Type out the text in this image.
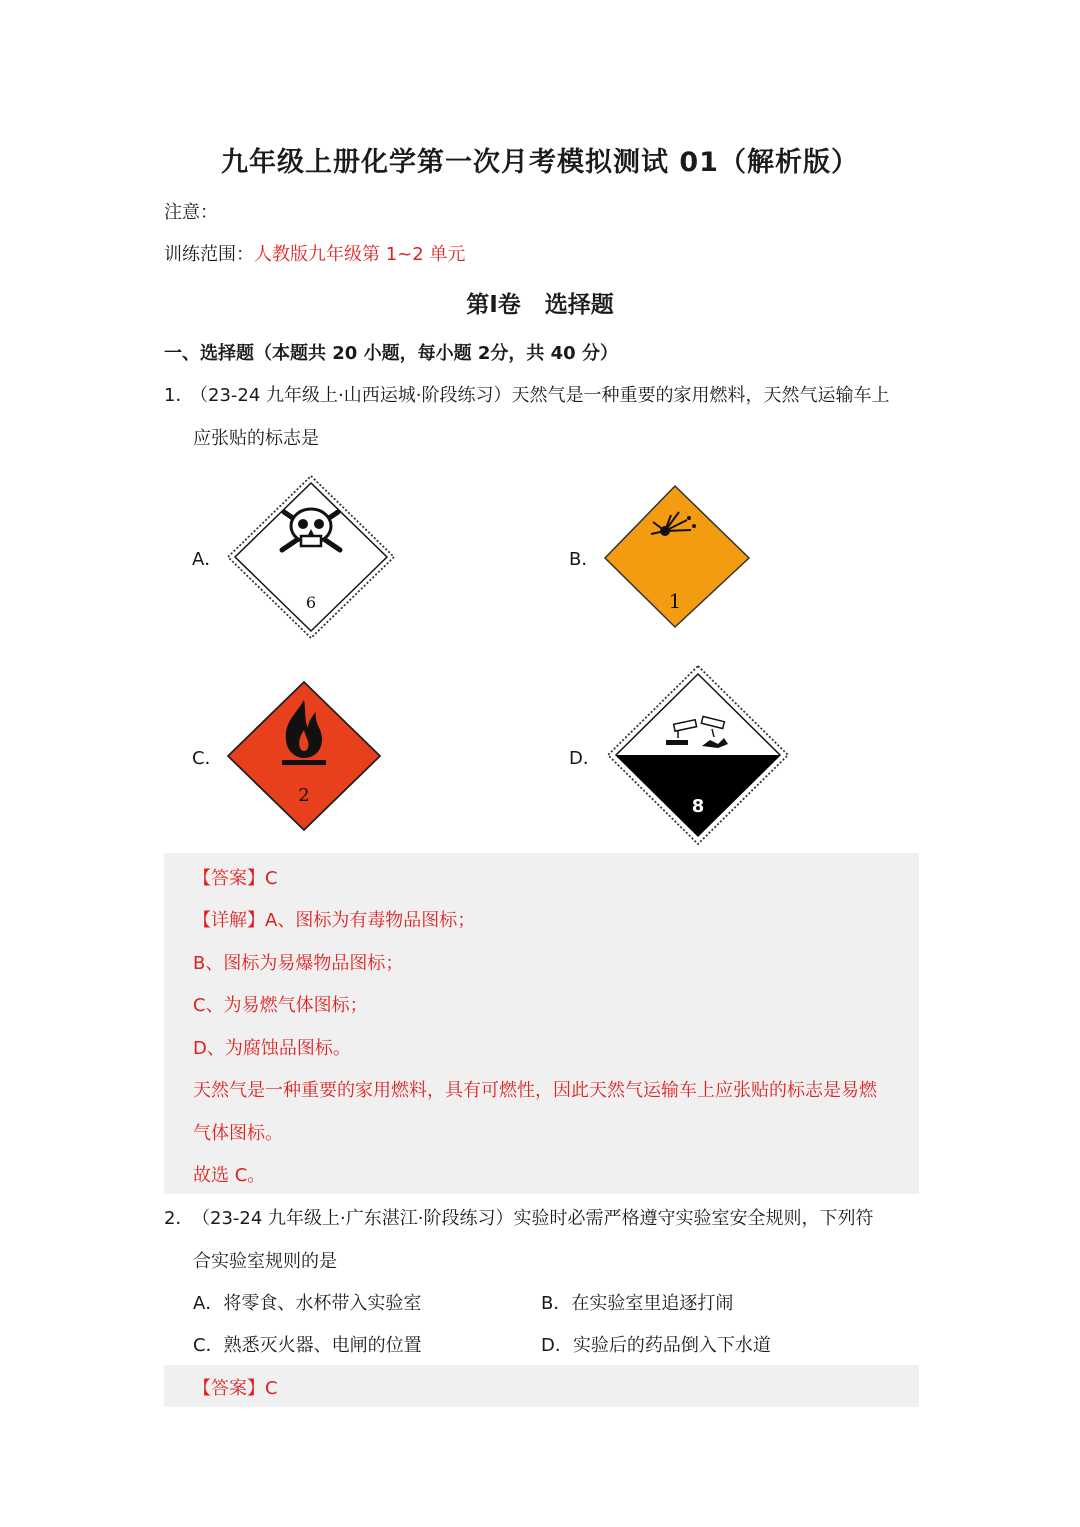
九年级上册化学第一次月考模拟测试 01（解析版）
注意：
训练范围：人教版九年级第 1~2 单元
第Ⅰ卷 选择题
一、选择题（本题共 20 小题，每小题 2分，共 40 分）
1．
（23-24 九年级上·山西运城·阶段练习）天然气是一种重要的家用燃料，天然气运输车上
应张贴的标志是
A．
6
B．
1
C．
2
D．
8
【答案】C
【详解】A、图标为有毒物品图标；
B、图标为易爆物品图标；
C、为易燃气体图标；
D、为腐蚀品图标。
天然气是一种重要的家用燃料，具有可燃性，因此天然气运输车上应张贴的标志是易燃
气体图标。
故选 C。
2．
（23-24 九年级上·广东湛江·阶段练习）实验时必需严格遵守实验室安全规则，下列符
合实验室规则的是
A．将零食、水杯带入实验室	B．在实验室里追逐打闹
C．熟悉灭火器、电闸的位置	D．实验后的药品倒入下水道
【答案】C
